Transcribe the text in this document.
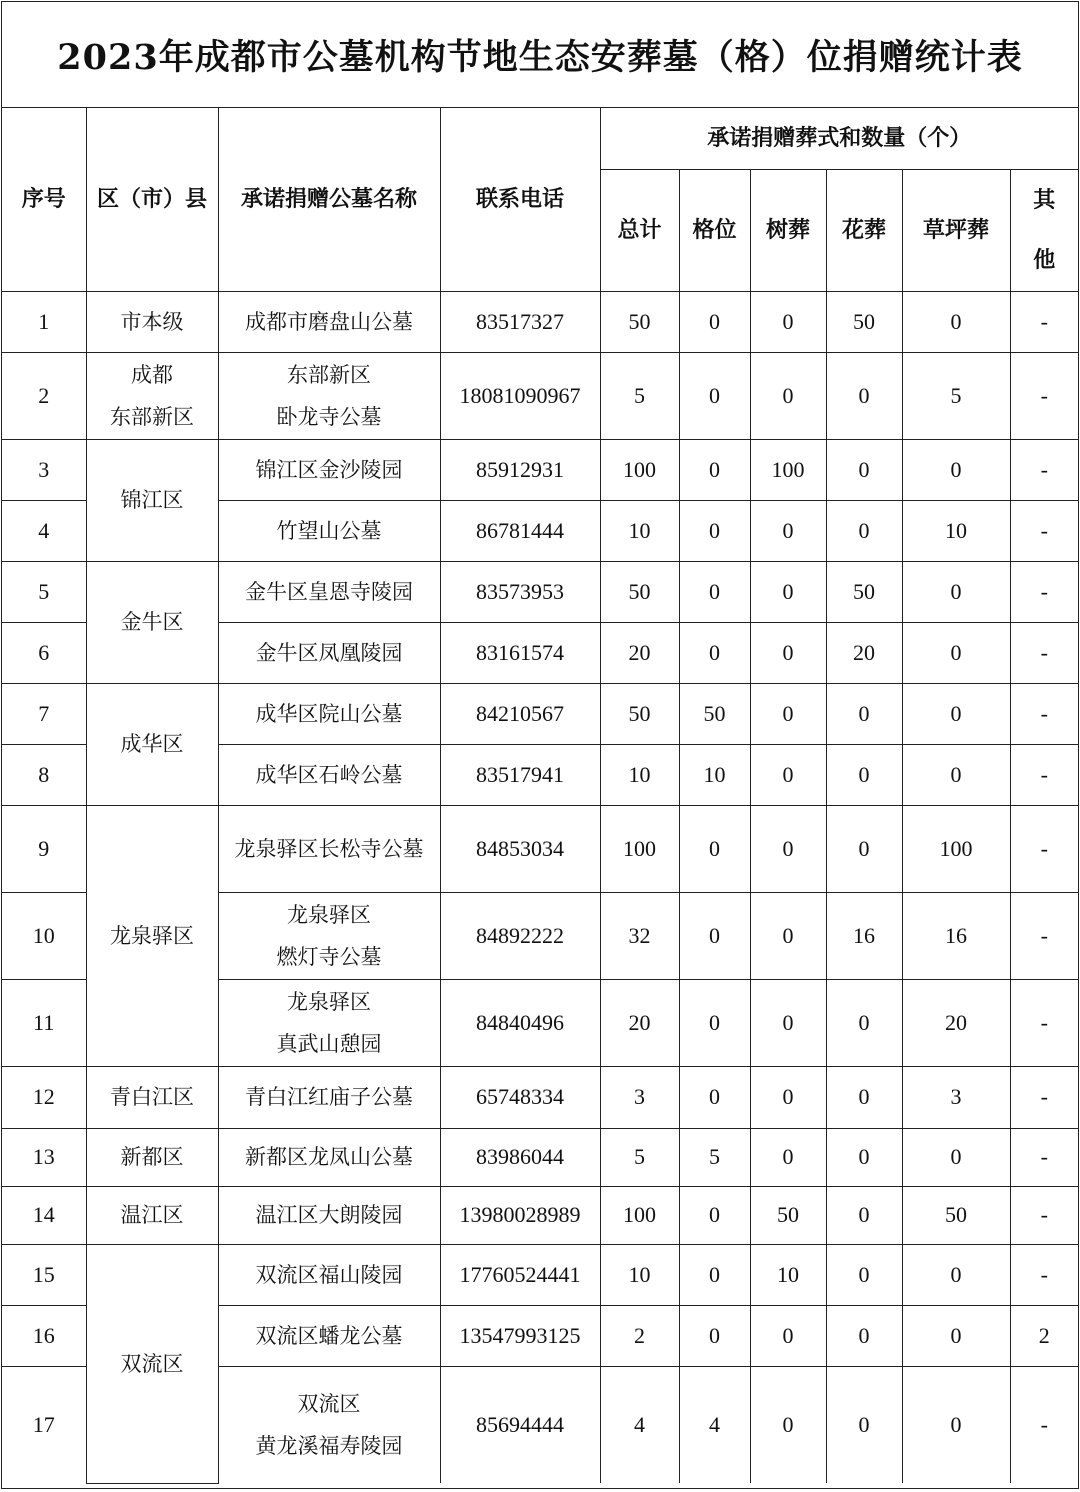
2023年成都市公墓机构节地生态安葬墓（格）位捐赠统计表
序号	区（市）县	承诺捐赠公墓名称	联系电话	承诺捐赠葬式和数量（个）					
				总计	格位	树葬	花葬	草坪葬	其
他
1	市本级	成都市磨盘山公墓	83517327	50	0	0	50	0	-
2	成都
东部新区	东部新区
卧龙寺公墓	18081090967	5	0	0	0	5	-
3	锦江区	锦江区金沙陵园	85912931	100	0	100	0	0	-
4		竹望山公墓	86781444	10	0	0	0	10	-
5	金牛区	金牛区皇恩寺陵园	83573953	50	0	0	50	0	-
6		金牛区凤凰陵园	83161574	20	0	0	20	0	-
7	成华区	成华区院山公墓	84210567	50	50	0	0	0	-
8		成华区石岭公墓	83517941	10	10	0	0	0	-
9	龙泉驿区	龙泉驿区长松寺公墓	84853034	100	0	0	0	100	-
10		龙泉驿区
燃灯寺公墓	84892222	32	0	0	16	16	-
11		龙泉驿区
真武山憩园	84840496	20	0	0	0	20	-
12	青白江区	青白江红庙子公墓	65748334	3	0	0	0	3	-
13	新都区	新都区龙凤山公墓	83986044	5	5	0	0	0	-
14	温江区	温江区大朗陵园	13980028989	100	0	50	0	50	-
15	双流区	双流区福山陵园	17760524441	10	0	10	0	0	-
16		双流区蟠龙公墓	13547993125	2	0	0	0	0	2
17		双流区
黄龙溪福寿陵园	85694444	4	4	0	0	0	-
